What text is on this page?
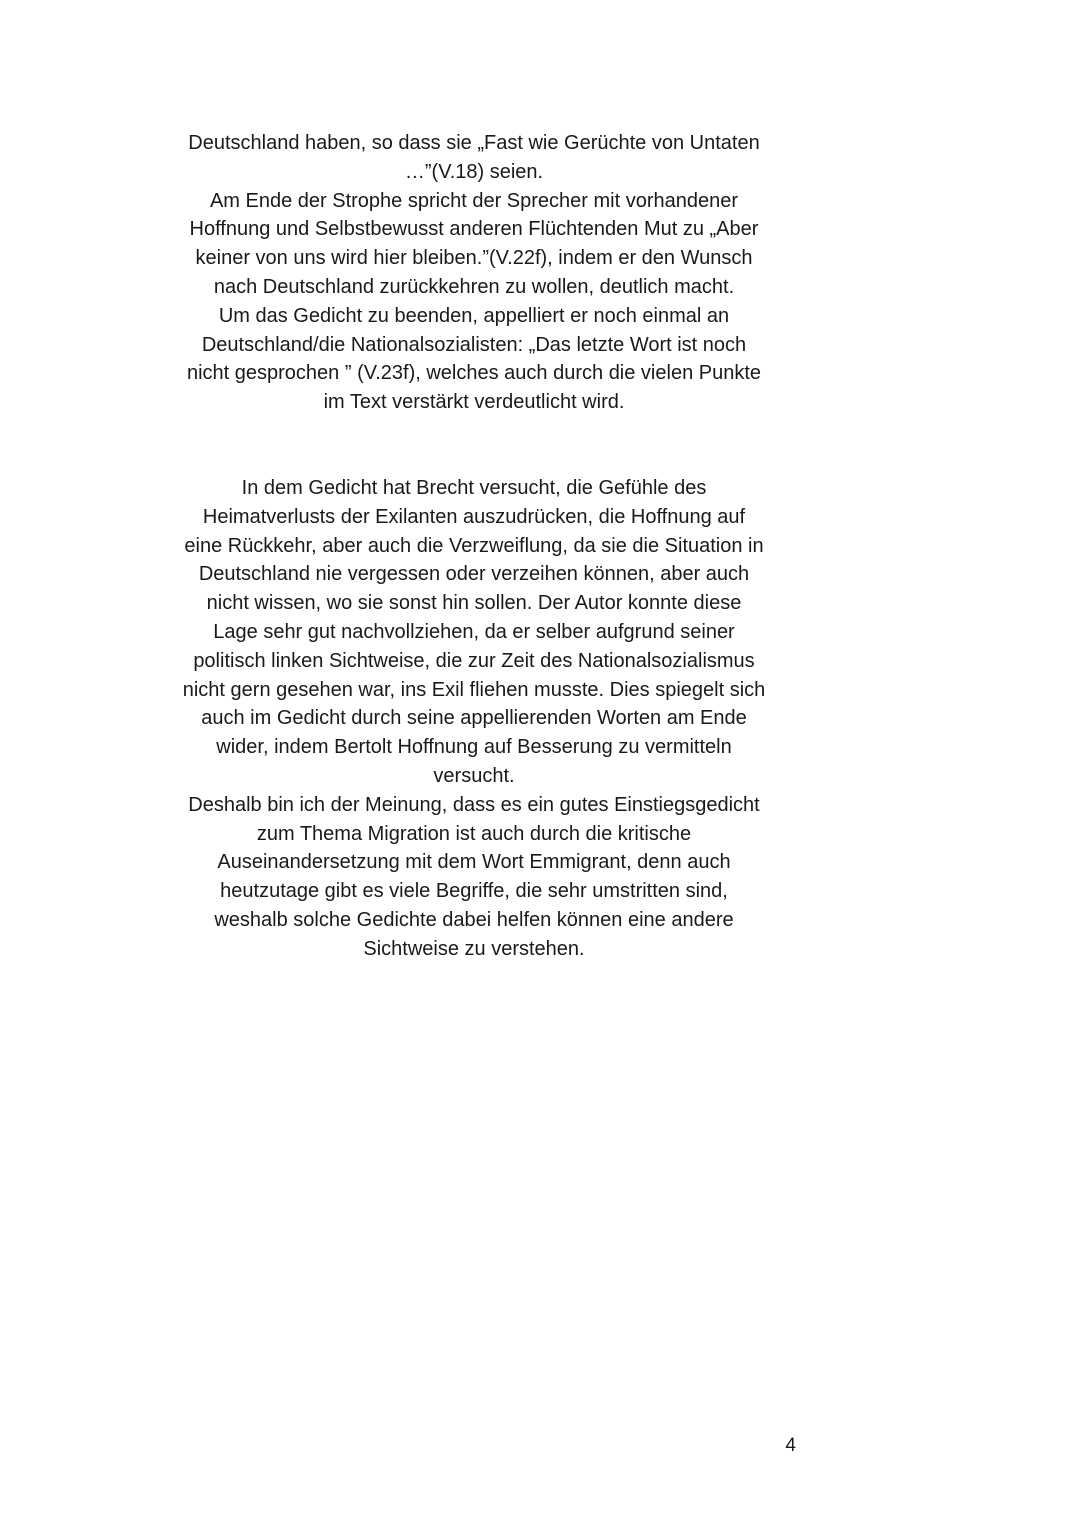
Deutschland haben, so dass sie „Fast wie Gerüchte von Untaten
…”(V.18) seien.
Am Ende der Strophe spricht der Sprecher mit vorhandener
Hoffnung und Selbstbewusst anderen Flüchtenden Mut zu „Aber
keiner von uns wird hier bleiben.”(V.22f), indem er den Wunsch
nach Deutschland zurückkehren zu wollen, deutlich macht.
Um das Gedicht zu beenden, appelliert er noch einmal an
Deutschland/die Nationalsozialisten: „Das letzte Wort ist noch
nicht gesprochen ” (V.23f), welches auch durch die vielen Punkte
im Text verstärkt verdeutlicht wird.
In dem Gedicht hat Brecht versucht, die Gefühle des
Heimatverlusts der Exilanten auszudrücken, die Hoffnung auf
eine Rückkehr, aber auch die Verzweiflung, da sie die Situation in
Deutschland nie vergessen oder verzeihen können, aber auch
nicht wissen, wo sie sonst hin sollen. Der Autor konnte diese
Lage sehr gut nachvollziehen, da er selber aufgrund seiner
politisch linken Sichtweise, die zur Zeit des Nationalsozialismus
nicht gern gesehen war, ins Exil fliehen musste. Dies spiegelt sich
auch im Gedicht durch seine appellierenden Worten am Ende
wider, indem Bertolt Hoffnung auf Besserung zu vermitteln
versucht.
Deshalb bin ich der Meinung, dass es ein gutes Einstiegsgedicht
zum Thema Migration ist auch durch die kritische
Auseinandersetzung mit dem Wort Emmigrant, denn auch
heutzutage gibt es viele Begriffe, die sehr umstritten sind,
weshalb solche Gedichte dabei helfen können eine andere
Sichtweise zu verstehen.
4
